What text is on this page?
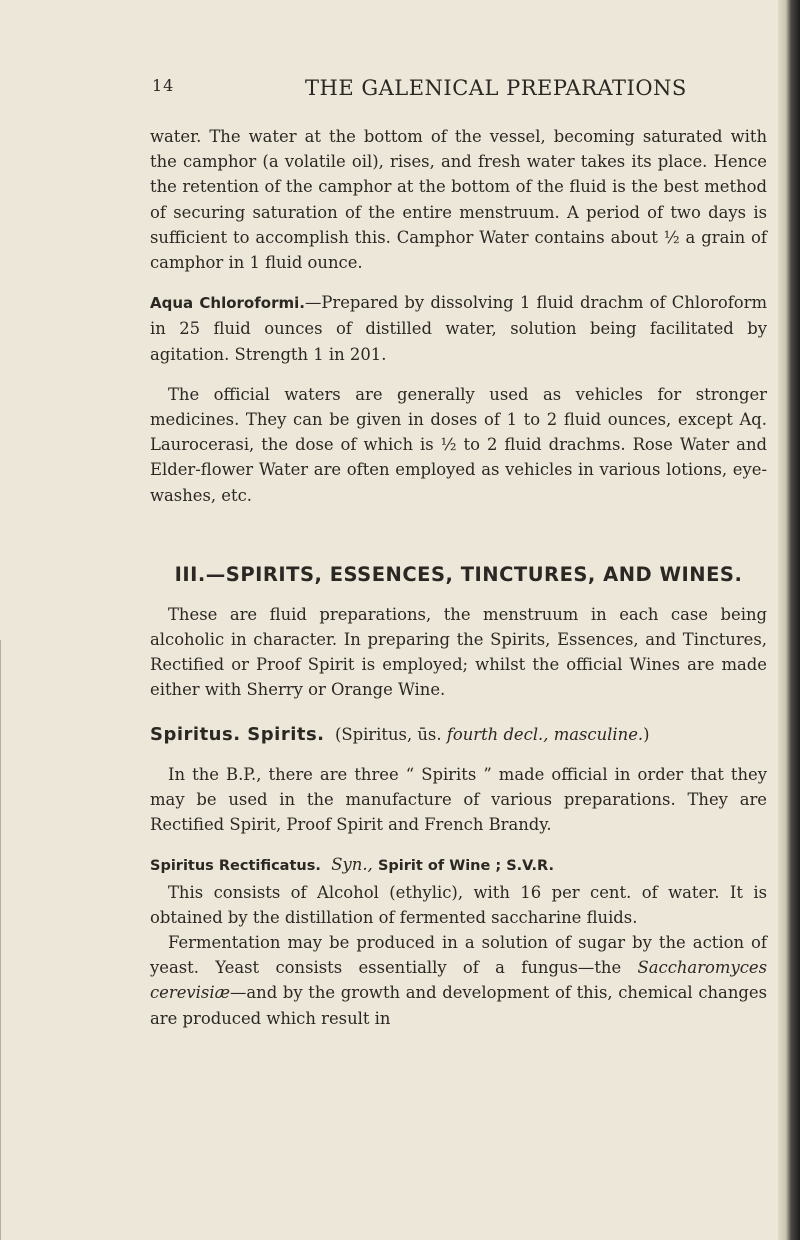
14	THE GALENICAL PREPARATIONS

water. The water at the bottom of the vessel, becoming saturated with the camphor (a volatile oil), rises, and fresh water takes its place. Hence the retention of the camphor at the bottom of the fluid is the best method of securing saturation of the entire menstruum. A period of two days is sufficient to accomplish this. Camphor Water contains about ½ a grain of camphor in 1 fluid ounce.

Aqua Chloroformi.—Prepared by dissolving 1 fluid drachm of Chloroform in 25 fluid ounces of distilled water, solution being facilitated by agitation. Strength 1 in 201.

The official waters are generally used as vehicles for stronger medicines. They can be given in doses of 1 to 2 fluid ounces, except Aq. Laurocerasi, the dose of which is ½ to 2 fluid drachms. Rose Water and Elder-flower Water are often employed as vehicles in various lotions, eye-washes, etc.

III.—SPIRITS, ESSENCES, TINCTURES, AND WINES.

These are fluid preparations, the menstruum in each case being alcoholic in character. In preparing the Spirits, Essences, and Tinctures, Rectified or Proof Spirit is employed; whilst the official Wines are made either with Sherry or Orange Wine.

Spiritus. Spirits. (Spiritus, ūs. fourth decl., masculine.)

In the B.P., there are three “ Spirits ” made official in order that they may be used in the manufacture of various preparations. They are Rectified Spirit, Proof Spirit and French Brandy.

Spiritus Rectificatus. Syn., Spirit of Wine ; S.V.R.

This consists of Alcohol (ethylic), with 16 per cent. of water. It is obtained by the distillation of fermented saccharine fluids.

Fermentation may be produced in a solution of sugar by the action of yeast. Yeast consists essentially of a fungus—the Saccharomyces cerevisiæ—and by the growth and development of this, chemical changes are produced which result in
